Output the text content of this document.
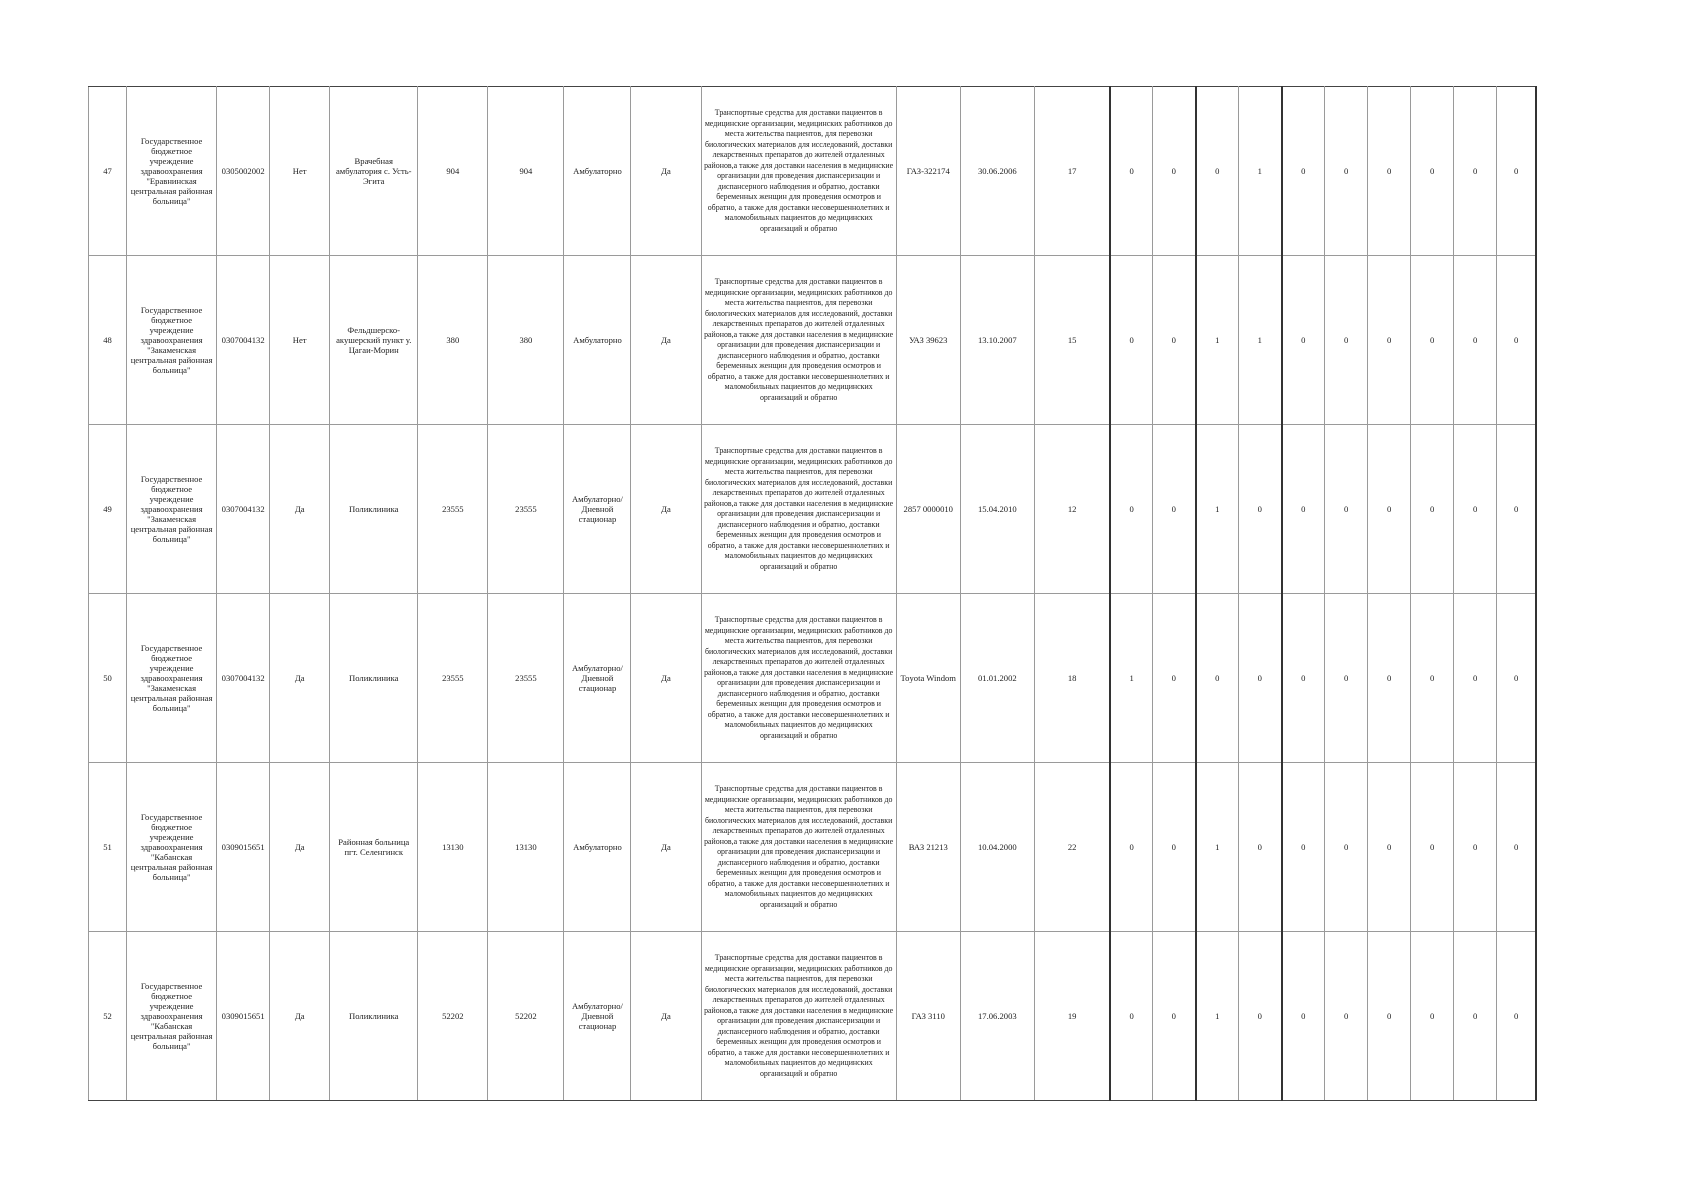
47	Государственное бюджетное учреждение здравоохранения "Еравнинская центральная районная больница"	0305002002	Нет	Врачебная амбулатория с. Усть-Эгита	904	904	Амбулаторно	Да	Транспортные средства для доставки пациентов в медицинские организации, медицинских работников до места жительства пациентов, для перевозки биологических материалов для исследований, доставки лекарственных препаратов до жителей отдаленных районов,а также для доставки населения в медицинские организации для проведения диспансеризации и диспансерного наблюдения и обратно, доставки беременных женщин для проведения осмотров и обратно, а также для доставки несовершеннолетних и маломобильных пациентов до медицинских организаций и обратно	ГАЗ-322174	30.06.2006	17	0	0	0	1	0	0	0	0	0	0
48	Государственное бюджетное учреждение здравоохранения "Закаменская центральная районная больница"	0307004132	Нет	Фельдшерско-акушерский пункт у. Цагаи-Морин	380	380	Амбулаторно	Да	Транспортные средства для доставки пациентов в медицинские организации, медицинских работников до места жительства пациентов, для перевозки биологических материалов для исследований, доставки лекарственных препаратов до жителей отдаленных районов,а также для доставки населения в медицинские организации для проведения диспансеризации и диспансерного наблюдения и обратно, доставки беременных женщин для проведения осмотров и обратно, а также для доставки несовершеннолетних и маломобильных пациентов до медицинских организаций и обратно	УАЗ 39623	13.10.2007	15	0	0	1	1	0	0	0	0	0	0
49	Государственное бюджетное учреждение здравоохранения "Закаменская центральная районная больница"	0307004132	Да	Поликлиника	23555	23555	Амбулаторно/Дневной стационар	Да	Транспортные средства для доставки пациентов в медицинские организации, медицинских работников до места жительства пациентов, для перевозки биологических материалов для исследований, доставки лекарственных препаратов до жителей отдаленных районов,а также для доставки населения в медицинские организации для проведения диспансеризации и диспансерного наблюдения и обратно, доставки беременных женщин для проведения осмотров и обратно, а также для доставки несовершеннолетних и маломобильных пациентов до медицинских организаций и обратно	2857 0000010	15.04.2010	12	0	0	1	0	0	0	0	0	0	0
50	Государственное бюджетное учреждение здравоохранения "Закаменская центральная районная больница"	0307004132	Да	Поликлиника	23555	23555	Амбулаторно/Дневной стационар	Да	Транспортные средства для доставки пациентов в медицинские организации, медицинских работников до места жительства пациентов, для перевозки биологических материалов для исследований, доставки лекарственных препаратов до жителей отдаленных районов,а также для доставки населения в медицинские организации для проведения диспансеризации и диспансерного наблюдения и обратно, доставки беременных женщин для проведения осмотров и обратно, а также для доставки несовершеннолетних и маломобильных пациентов до медицинских организаций и обратно	Toyota Windom	01.01.2002	18	1	0	0	0	0	0	0	0	0	0
51	Государственное бюджетное учреждение здравоохранения "Кабанская центральная районная больница"	0309015651	Да	Районная больница пгт. Селенгинск	13130	13130	Амбулаторно	Да	Транспортные средства для доставки пациентов в медицинские организации, медицинских работников до места жительства пациентов, для перевозки биологических материалов для исследований, доставки лекарственных препаратов до жителей отдаленных районов,а также для доставки населения в медицинские организации для проведения диспансеризации и диспансерного наблюдения и обратно, доставки беременных женщин для проведения осмотров и обратно, а также для доставки несовершеннолетних и маломобильных пациентов до медицинских организаций и обратно	ВАЗ 21213	10.04.2000	22	0	0	1	0	0	0	0	0	0	0
52	Государственное бюджетное учреждение здравоохранения "Кабанская центральная районная больница"	0309015651	Да	Поликлиника	52202	52202	Амбулаторно/Дневной стационар	Да	Транспортные средства для доставки пациентов в медицинские организации, медицинских работников до места жительства пациентов, для перевозки биологических материалов для исследований, доставки лекарственных препаратов до жителей отдаленных районов,а также для доставки населения в медицинские организации для проведения диспансеризации и диспансерного наблюдения и обратно, доставки беременных женщин для проведения осмотров и обратно, а также для доставки несовершеннолетних и маломобильных пациентов до медицинских организаций и обратно	ГАЗ 3110	17.06.2003	19	0	0	1	0	0	0	0	0	0	0
